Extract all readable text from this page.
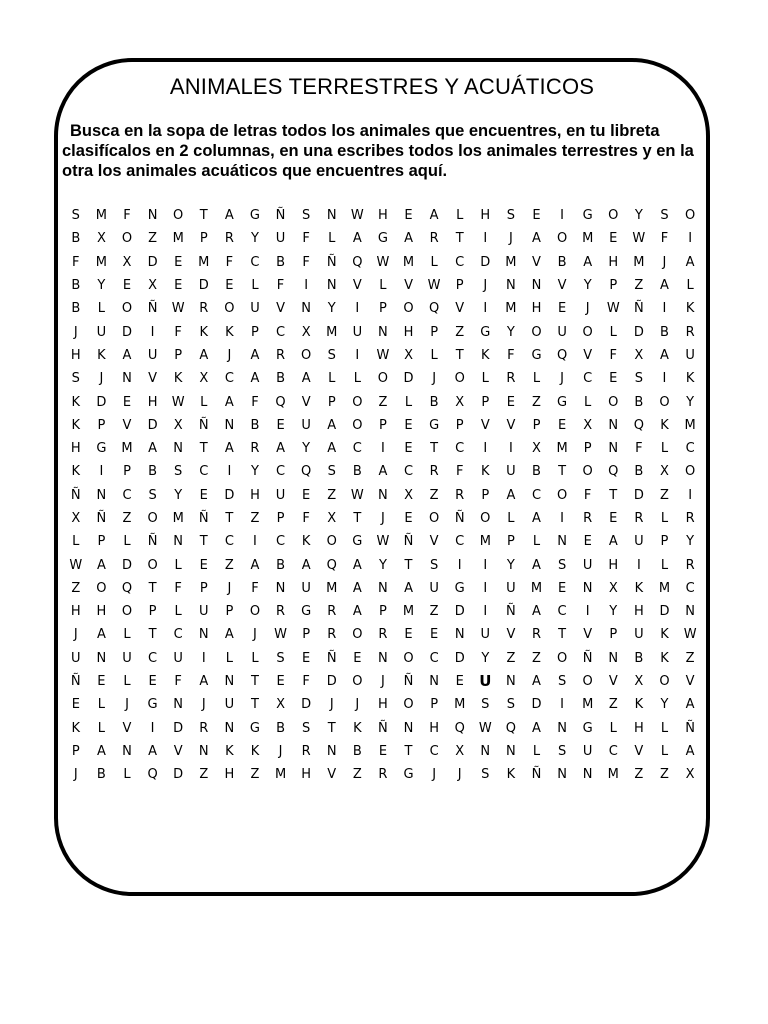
ANIMALES TERRESTRES Y ACUÁTICOS

Busca en la sopa de letras todos los animales que encuentres, en tu libreta clasifícalos en 2 columnas, en una escribes todos los animales terrestres y en la otra los animales acuáticos que encuentres aquí.

S	M	F	N	O	T	A	G	Ñ	S	N	W	H	E	A	L	H	S	E	I	G	O	Y	S	O
B	X	O	Z	M	P	R	Y	U	F	L	A	G	A	R	T	I	J	A	O	M	E	W	F	I
F	M	X	D	E	M	F	C	B	F	Ñ	Q	W	M	L	C	D	M	V	B	A	H	M	J	A
B	Y	E	X	E	D	E	L	F	I	N	V	L	V	W	P	J	N	N	V	Y	P	Z	A	L
B	L	O	Ñ	W	R	O	U	V	N	Y	I	P	O	Q	V	I	M	H	E	J	W	Ñ	I	K
J	U	D	I	F	K	K	P	C	X	M	U	N	H	P	Z	G	Y	O	U	O	L	D	B	R
H	K	A	U	P	A	J	A	R	O	S	I	W	X	L	T	K	F	G	Q	V	F	X	A	U
S	J	N	V	K	X	C	A	B	A	L	L	O	D	J	O	L	R	L	J	C	E	S	I	K
K	D	E	H	W	L	A	F	Q	V	P	O	Z	L	B	X	P	E	Z	G	L	O	B	O	Y
K	P	V	D	X	Ñ	N	B	E	U	A	O	P	E	G	P	V	V	P	E	X	N	Q	K	M
H	G	M	A	N	T	A	R	A	Y	A	C	I	E	T	C	I	I	X	M	P	N	F	L	C
K	I	P	B	S	C	I	Y	C	Q	S	B	A	C	R	F	K	U	B	T	O	Q	B	X	O
Ñ	N	C	S	Y	E	D	H	U	E	Z	W	N	X	Z	R	P	A	C	O	F	T	D	Z	I
X	Ñ	Z	O	M	Ñ	T	Z	P	F	X	T	J	E	O	Ñ	O	L	A	I	R	E	R	L	R
L	P	L	Ñ	N	T	C	I	C	K	O	G	W	Ñ	V	C	M	P	L	N	E	A	U	P	Y
W	A	D	O	L	E	Z	A	B	A	Q	A	Y	T	S	I	I	Y	A	S	U	H	I	L	R
Z	O	Q	T	F	P	J	F	N	U	M	A	N	A	U	G	I	U	M	E	N	X	K	M	C
H	H	O	P	L	U	P	O	R	G	R	A	P	M	Z	D	I	Ñ	A	C	I	Y	H	D	N
J	A	L	T	C	N	A	J	W	P	R	O	R	E	E	N	U	V	R	T	V	P	U	K	W
U	N	U	C	U	I	L	L	S	E	Ñ	E	N	O	C	D	Y	Z	Z	O	Ñ	N	B	K	Z
Ñ	E	L	E	F	A	N	T	E	F	D	O	J	Ñ	N	E	U	N	A	S	O	V	X	O	V
E	L	J	G	N	J	U	T	X	D	J	J	H	O	P	M	S	S	D	I	M	Z	K	Y	A
K	L	V	I	D	R	N	G	B	S	T	K	Ñ	N	H	Q	W	Q	A	N	G	L	H	L	Ñ
P	A	N	A	V	N	K	K	J	R	N	B	E	T	C	X	N	N	L	S	U	C	V	L	A
J	B	L	Q	D	Z	H	Z	M	H	V	Z	R	G	J	J	S	K	Ñ	N	N	M	Z	Z	X
